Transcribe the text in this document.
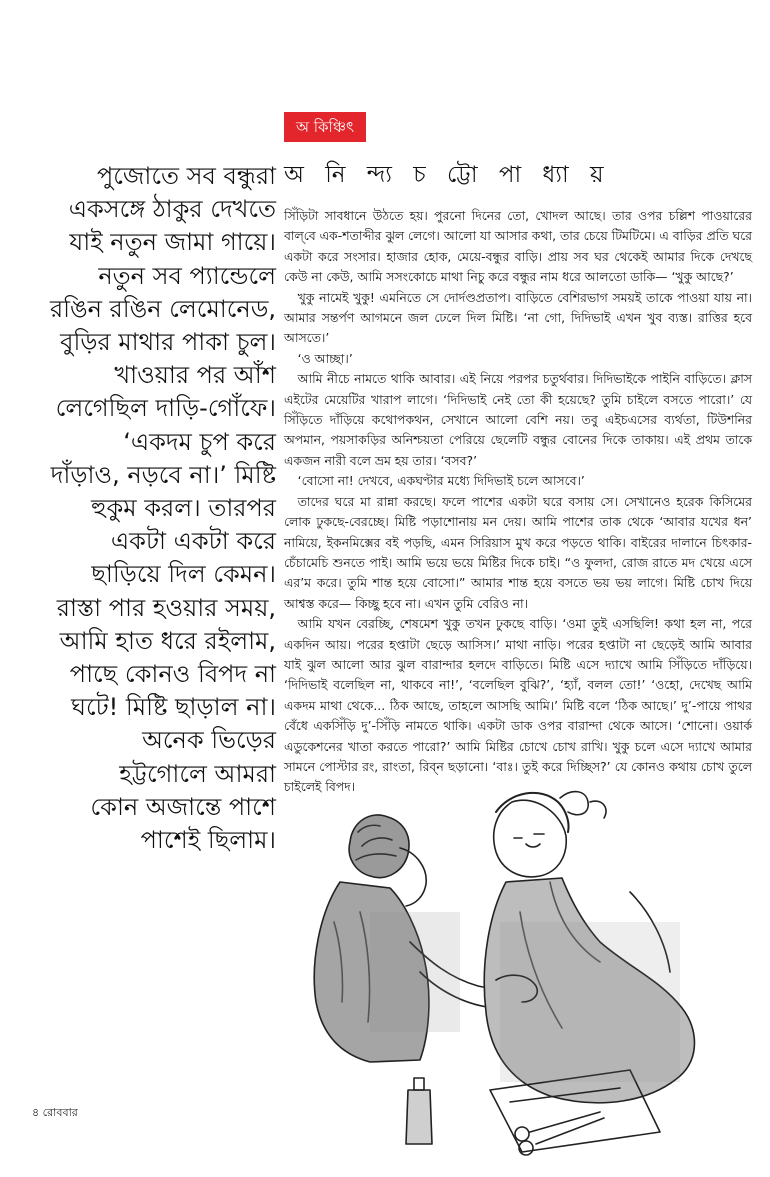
অ কিঞ্চিৎ
পুজোতে সব বন্ধুরা
একসঙ্গে ঠাকুর দেখতে
যাই নতুন জামা গায়ে।
নতুন সব প্যান্ডেলে
রঙিন রঙিন লেমোনেড,
বুড়ির মাথার পাকা চুল।
খাওয়ার পর আঁশ
লেগেছিল দাড়ি-গোঁফে।
‘একদম চুপ করে
দাঁড়াও, নড়বে না।’ মিষ্টি
হুকুম করল। তারপর
একটা একটা করে
ছাড়িয়ে দিল কেমন।
রাস্তা পার হওয়ার সময়,
আমি হাত ধরে রইলাম,
পাছে কোনও বিপদ না
ঘটে! মিষ্টি ছাড়াল না।
অনেক ভিড়ের
হট্টগোলে আমরা
কোন অজান্তে পাশে
পাশেই ছিলাম।
অ নি ন্দ্য চ ট্টো পা ধ্যা য়

সিঁড়িটা সাবধানে উঠতে হয়। পুরনো দিনের তো, খোদল আছে। তার ওপর চল্লিশ পাওয়ারের বাল্‌বে এক-শতাব্দীর ঝুল লেগে। আলো যা আসার কথা, তার চেয়ে টিমটিমে। এ বাড়ির প্রতি ঘরে একটা করে সংসার। হাজার হোক, মেয়ে-বন্ধুর বাড়ি। প্রায় সব ঘর থেকেই আমার দিকে দেখছে কেউ না কেউ, আমি সসংকোচে মাথা নিচু করে বন্ধুর নাম ধরে আলতো ডাকি— ‘খুকু আছে?’

খুকু নামেই খুকু! এমনিতে সে দোর্দণ্ডপ্রতাপ। বাড়িতে বেশিরভাগ সময়ই তাকে পাওয়া যায় না। আমার সন্তর্পণ আগমনে জল ঢেলে দিল মিষ্টি। ‘না গো, দিদিভাই এখন খুব ব্যস্ত। রাত্তির হবে আসতে।’

‘ও আচ্ছা।’

আমি নীচে নামতে থাকি আবার। এই নিয়ে পরপর চতুর্থবার। দিদিভাইকে পাইনি বাড়িতে। ক্লাস এইটের মেয়েটির খারাপ লাগে। ‘দিদিভাই নেই তো কী হয়েছে? তুমি চাইলে বসতে পারো।’ যে সিঁড়িতে দাঁড়িয়ে কথোপকথন, সেখানে আলো বেশি নয়। তবু এইচএসের ব্যর্থতা, টিউশনির অপমান, পয়সাকড়ির অনিশ্চয়তা পেরিয়ে ছেলেটি বন্ধুর বোনের দিকে তাকায়। এই প্রথম তাকে একজন নারী বলে ভ্রম হয় তার। ‘বসব?’

‘বোসো না! দেখবে, একঘণ্টার মধ্যে দিদিভাই চলে আসবে।’

তাদের ঘরে মা রান্না করছে। ফলে পাশের একটা ঘরে বসায় সে। সেখানেও হরেক কিসিমের লোক ঢুকছে-বেরচ্ছে। মিষ্টি পড়াশোনায় মন দেয়। আমি পাশের তাক থেকে ‘আবার যখের ধন’ নামিয়ে, ইকনমিক্সের বই পড়ছি, এমন সিরিয়াস মুখ করে পড়তে থাকি। বাইরের দালানে চিৎকার-চেঁচামেচি শুনতে পাই। আমি ভয়ে ভয়ে মিষ্টির দিকে চাই। “ও ফুলদা, রোজ রাতে মদ খেয়ে এসে এর’ম করে। তুমি শান্ত হয়ে বোসো।” আমার শান্ত হয়ে বসতে ভয় ভয় লাগে। মিষ্টি চোখ দিয়ে আশ্বস্ত করে— কিচ্ছু হবে না। এখন তুমি বেরিও না।

আমি যখন বেরচ্ছি, শেষমেশ খুকু তখন ঢুকছে বাড়ি। ‘ওমা তুই এসছিলি! কথা হল না, পরে একদিন আয়। পরের হপ্তাটা ছেড়ে আসিস।’ মাথা নাড়ি। পরের হপ্তাটা না ছেড়েই আমি আবার যাই ঝুল আলো আর ঝুল বারান্দার হলদে বাড়িতে। মিষ্টি এসে দ্যাখে আমি সিঁড়িতে দাঁড়িয়ে। ‘দিদিভাই বলেছিল না, থাকবে না!’, ‘বলেছিল বুঝি?’, ‘হ্যাঁ, বলল তো!’ ‘ওহো, দেখেছ আমি একদম মাথা থেকে... ঠিক আছে, তাহলে আসছি আমি।’ মিষ্টি বলে ‘ঠিক আছে।’ দু’-পায়ে পাথর বেঁধে একসিঁড়ি দু’-সিঁড়ি নামতে থাকি। একটা ডাক ওপর বারান্দা থেকে আসে। ‘শোনো। ওয়ার্ক এডুকেশনের খাতা করতে পারো?’ আমি মিষ্টির চোখে চোখ রাখি। খুকু চলে এসে দ্যাখে আমার সামনে পোস্টার রং, রাংতা, রিব্‌ন ছড়ানো। ‘বাঃ। তুই করে দিচ্ছিস?’ যে কোনও কথায় চোখ তুলে চাইলেই বিপদ।

৪ রোববার
